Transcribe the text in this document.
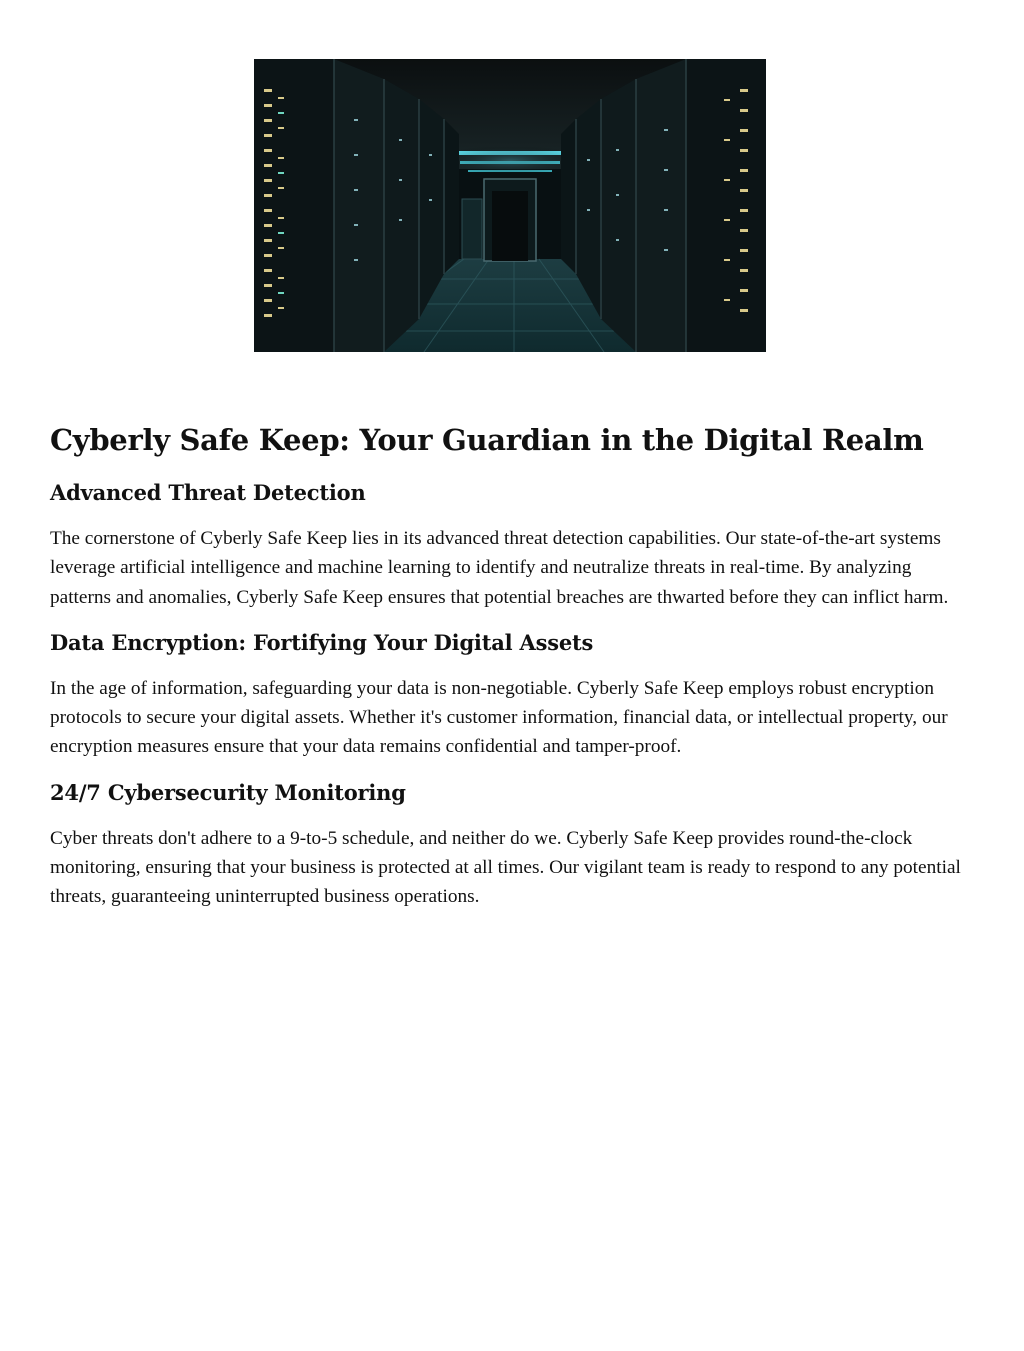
Cyberly Safe Keep: Your Guardian in the Digital Realm
Advanced Threat Detection

The cornerstone of Cyberly Safe Keep lies in its advanced threat detection capabilities. Our state-of-the-art systems leverage artificial intelligence and machine learning to identify and neutralize threats in real-time. By analyzing patterns and anomalies, Cyberly Safe Keep ensures that potential breaches are thwarted before they can inflict harm.

Data Encryption: Fortifying Your Digital Assets

In the age of information, safeguarding your data is non-negotiable. Cyberly Safe Keep employs robust encryption protocols to secure your digital assets. Whether it's customer information, financial data, or intellectual property, our encryption measures ensure that your data remains confidential and tamper-proof.

24/7 Cybersecurity Monitoring

Cyber threats don't adhere to a 9-to-5 schedule, and neither do we. Cyberly Safe Keep provides round-the-clock monitoring, ensuring that your business is protected at all times. Our vigilant team is ready to respond to any potential threats, guaranteeing uninterrupted business operations.
